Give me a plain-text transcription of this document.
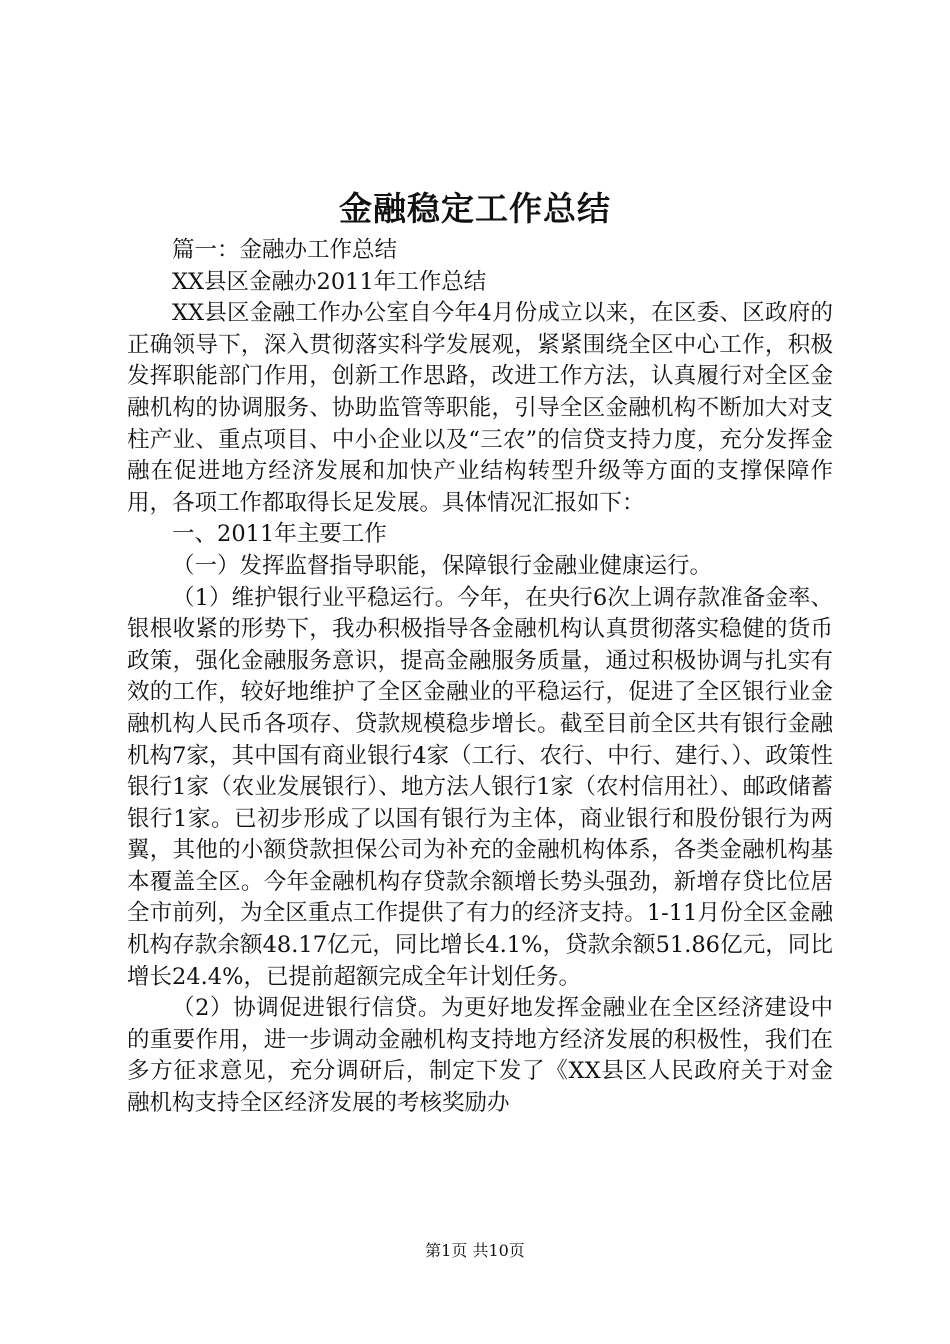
金融稳定工作总结

篇一：金融办工作总结

XX县区金融办2011年工作总结

XX县区金融工作办公室自今年4月份成立以来，在区委、区政府的正确领导下，深入贯彻落实科学发展观，紧紧围绕全区中心工作，积极发挥职能部门作用，创新工作思路，改进工作方法，认真履行对全区金融机构的协调服务、协助监管等职能，引导全区金融机构不断加大对支柱产业、重点项目、中小企业以及“三农”的信贷支持力度，充分发挥金融在促进地方经济发展和加快产业结构转型升级等方面的支撑保障作用，各项工作都取得长足发展。具体情况汇报如下：

一、2011年主要工作

（一）发挥监督指导职能，保障银行金融业健康运行。

（1）维护银行业平稳运行。今年，在央行6次上调存款准备金率、银根收紧的形势下，我办积极指导各金融机构认真贯彻落实稳健的货币政策，强化金融服务意识，提高金融服务质量，通过积极协调与扎实有效的工作，较好地维护了全区金融业的平稳运行，促进了全区银行业金融机构人民币各项存、贷款规模稳步增长。截至目前全区共有银行金融机构7家，其中国有商业银行4家（工行、农行、中行、建行、）、政策性银行1家（农业发展银行）、地方法人银行1家（农村信用社）、邮政储蓄银行1家。已初步形成了以国有银行为主体，商业银行和股份银行为两翼，其他的小额贷款担保公司为补充的金融机构体系，各类金融机构基本覆盖全区。今年金融机构存贷款余额增长势头强劲，新增存贷比位居全市前列，为全区重点工作提供了有力的经济支持。1-11月份全区金融机构存款余额48.17亿元，同比增长4.1%，贷款余额51.86亿元，同比增长24.4%，已提前超额完成全年计划任务。

（2）协调促进银行信贷。为更好地发挥金融业在全区经济建设中的重要作用，进一步调动金融机构支持地方经济发展的积极性，我们在多方征求意见，充分调研后，制定下发了《XX县区人民政府关于对金融机构支持全区经济发展的考核奖励办

第1页 共10页
